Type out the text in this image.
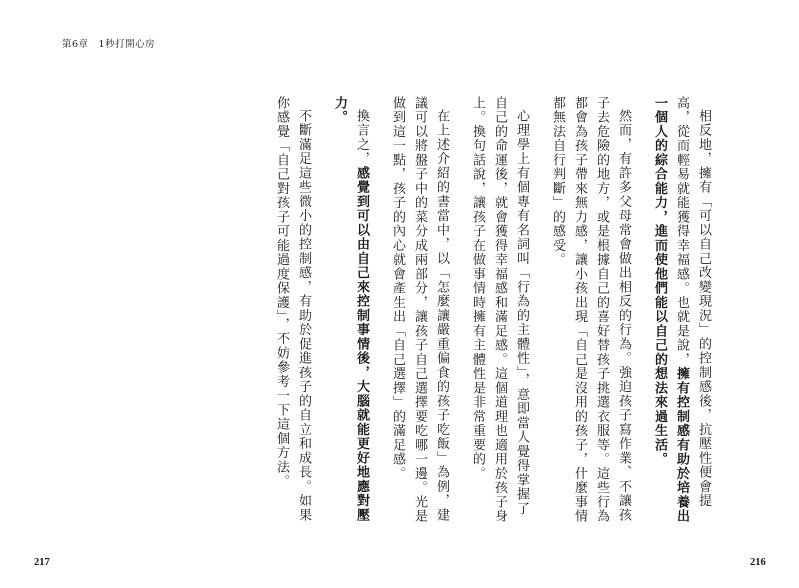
第6章 1秒打開心房

相反地，擁有「可以自己改變現況」的控制感後，抗壓性便會提高，從而輕易就能獲得幸福感。也就是說，擁有控制感有助於培養出一個人的綜合能力，進而使他們能以自己的想法來過生活。

然而，有許多父母常會做出相反的行為。強迫孩子寫作業、不讓孩子去危險的地方，或是根據自己的喜好替孩子挑選衣服等。這些行為都會為孩子帶來無力感，讓小孩出現「自己是沒用的孩子，什麼事情都無法自行判斷」的感受。

心理學上有個專有名詞叫「行為的主體性」，意即當人覺得掌握了自己的命運後，就會獲得幸福感和滿足感。這個道理也適用於孩子身上。換句話說，讓孩子在做事情時擁有主體性是非常重要的。

在上述介紹的書當中，以「怎麼讓嚴重偏食的孩子吃飯」為例，建議可以將盤子中的菜分成兩部分，讓孩子自己選擇要吃哪一邊。光是做到這一點，孩子的內心就會產生出「自己選擇」的滿足感。

換言之，感覺到可以由自己來控制事情後，大腦就能更好地應對壓力。

不斷滿足這些微小的控制感，有助於促進孩子的自立和成長。如果你感覺「自己對孩子可能過度保護」，不妨參考一下這個方法。

217	216
